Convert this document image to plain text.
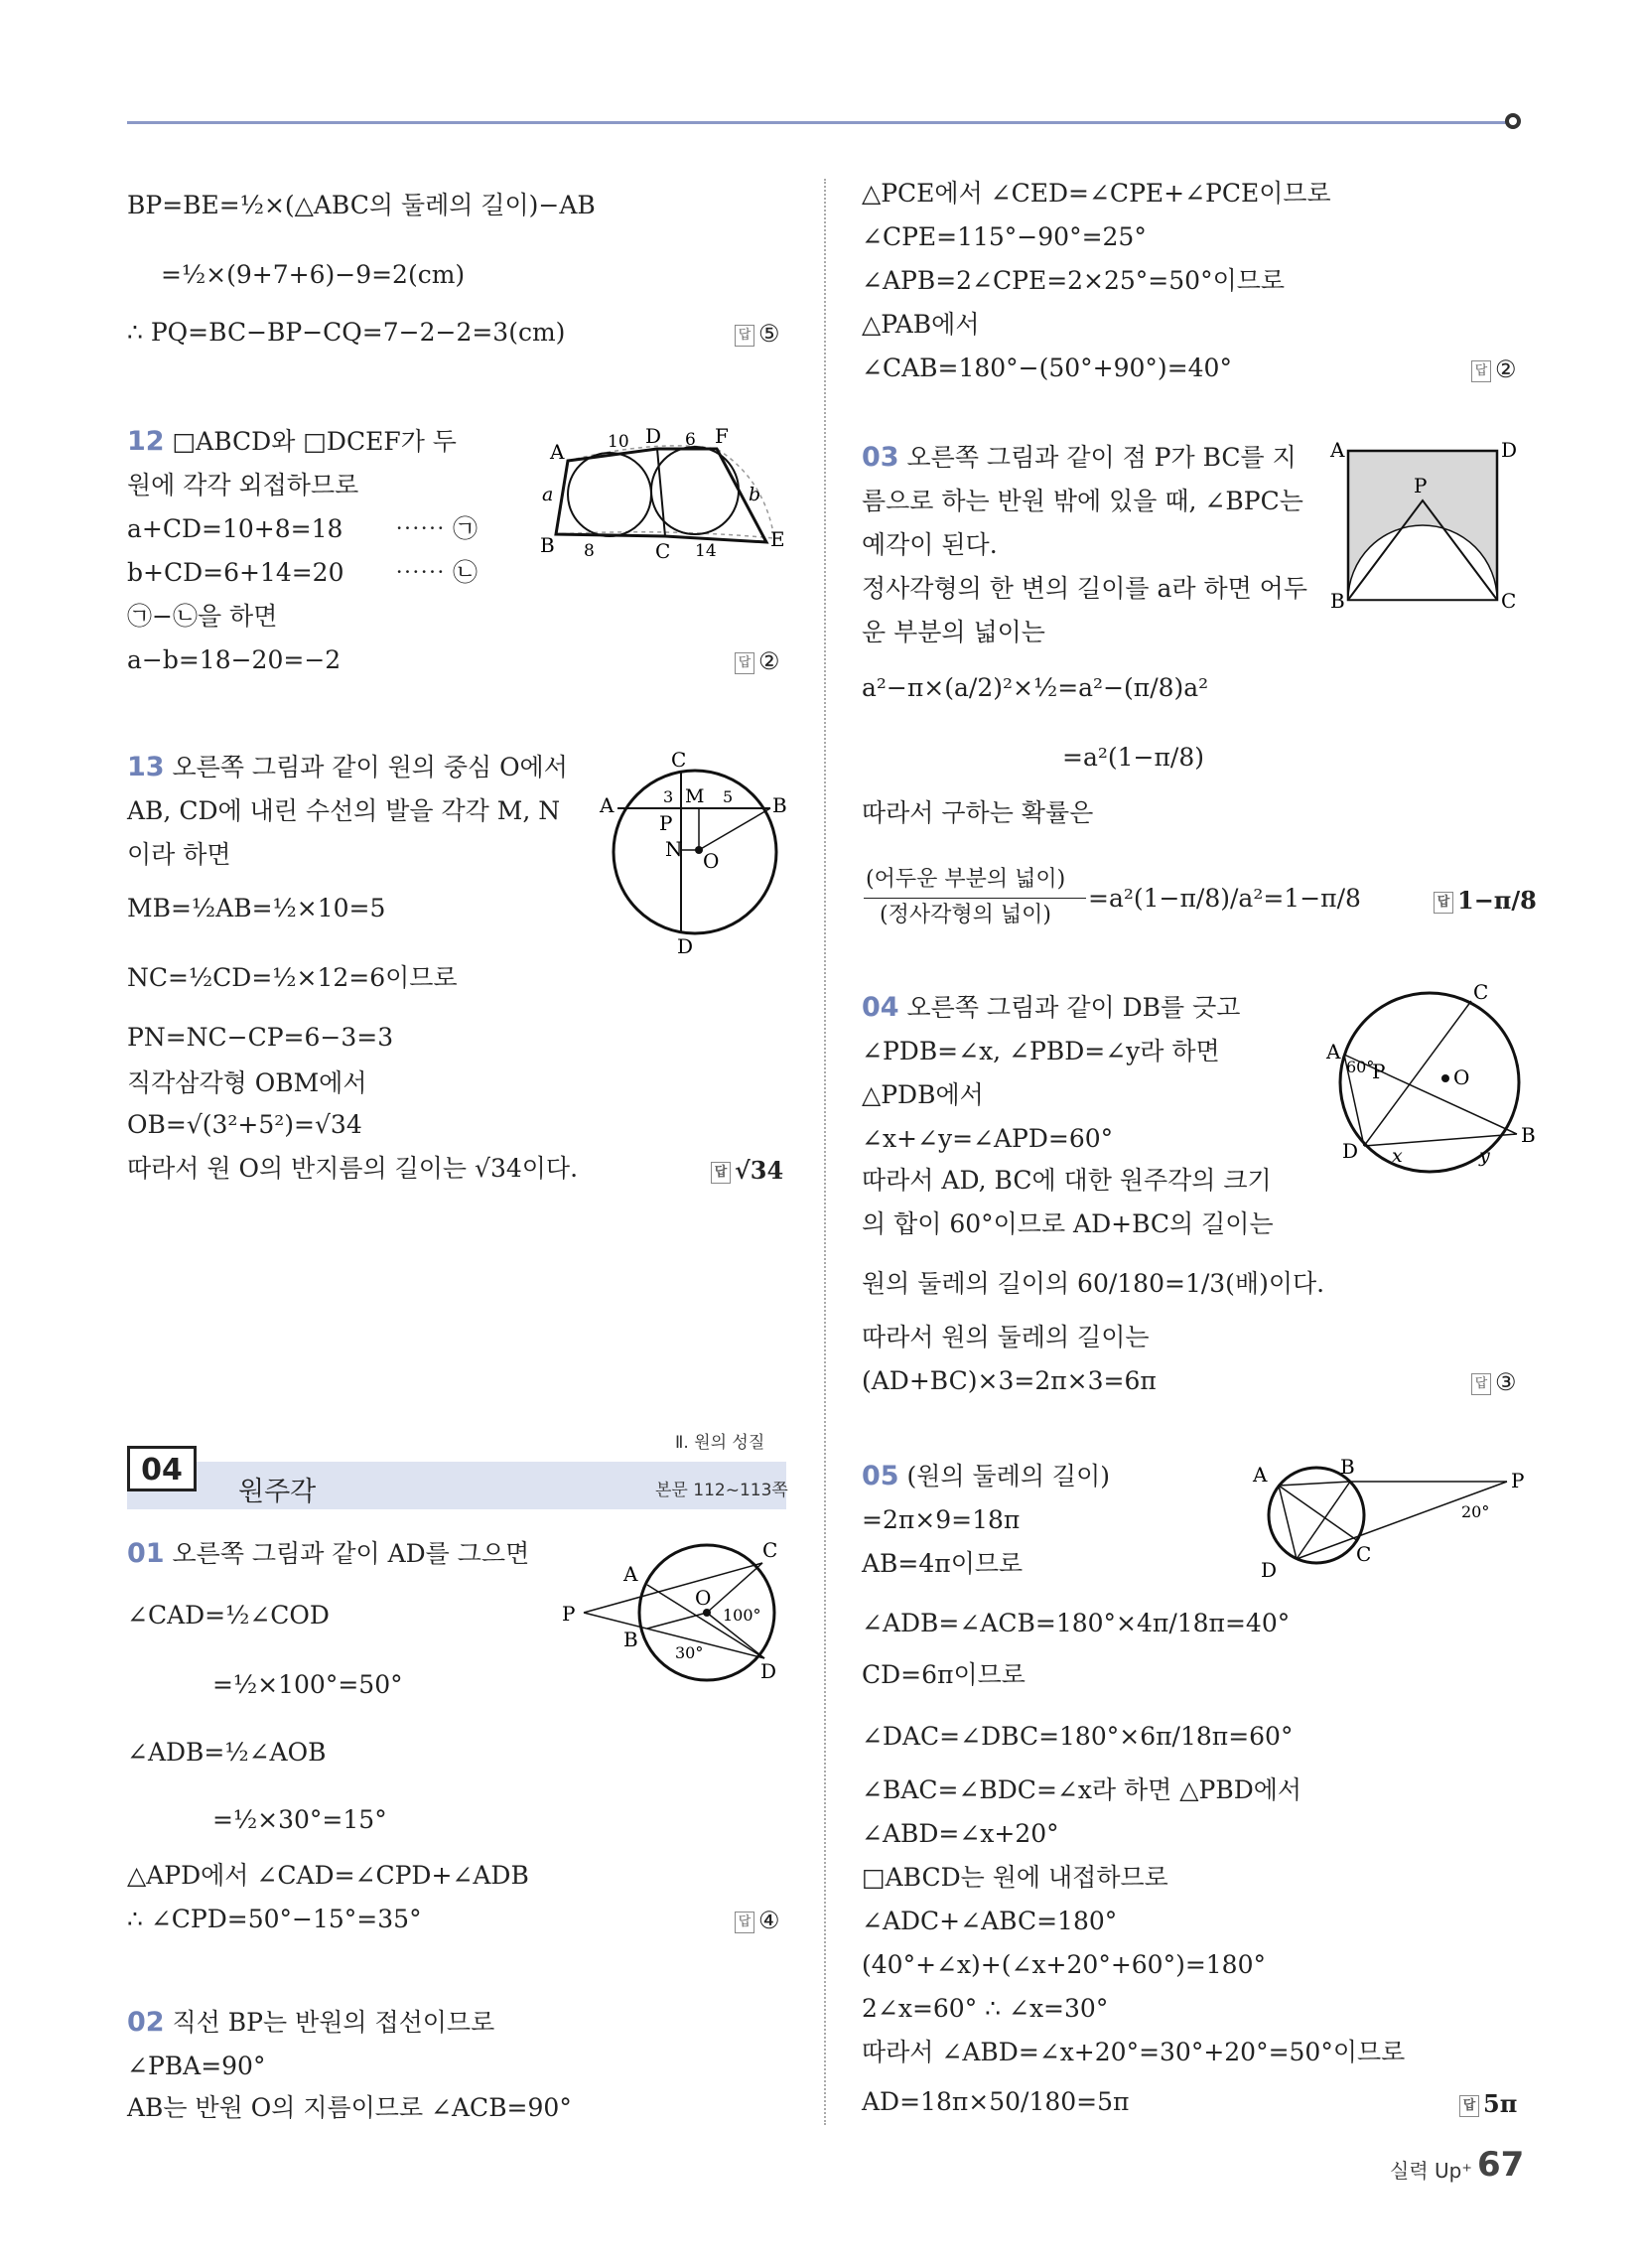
BP=BE=½×(△ABC의 둘레의 길이)−AB
=½×(9+7+6)−9=2(cm)
∴ PQ=BC−BP−CQ=7−2−2=3(cm)	답 ⑤
12 □ABCD와 □DCEF가 두
원에 각각 외접하므로
a+CD=10+8=18 ⋯⋯ ㉠
b+CD=6+14=20 ⋯⋯ ㉡
㉠−㉡을 하면
a−b=18−20=−2	답 ②
A
D	F
E
B	C
10	6
8	14
a	b
13 오른쪽 그림과 같이 원의 중심 O에서
AB, CD에 내린 수선의 발을 각각 M, N
이라 하면
MB=½AB=½×10=5
NC=½CD=½×12=6이므로
PN=NC−CP=6−3=3
직각삼각형 OBM에서
OB=√(3²+5²)=√34
따라서 원 O의 반지름의 길이는 √34이다.	답 √34
C
A	B
P
N O
D
M
3	5
Ⅱ. 원의 성질
04
원주각	본문 112~113쪽
01 오른쪽 그림과 같이 AD를 그으면
∠CAD=½∠COD
=½×100°=50°
∠ADB=½∠AOB
=½×30°=15°
△APD에서 ∠CAD=∠CPD+∠ADB
∴ ∠CPD=50°−15°=35°	답 ④
P
A
B
O
C
D
100°
30°
02 직선 BP는 반원의 접선이므로
∠PBA=90°
AB는 반원 O의 지름이므로 ∠ACB=90°
△PCE에서 ∠CED=∠CPE+∠PCE이므로
∠CPE=115°−90°=25°
∠APB=2∠CPE=2×25°=50°이므로
△PAB에서
∠CAB=180°−(50°+90°)=40°	답 ②
03 오른쪽 그림과 같이 점 P가 BC를 지
름으로 하는 반원 밖에 있을 때, ∠BPC는
예각이 된다.
정사각형의 한 변의 길이를 a라 하면 어두
운 부분의 넓이는
a²−π×(a/2)²×½=a²−(π/8)a²
=a²(1−π/8)
따라서 구하는 확률은
(어두운 부분의 넓이)
(정사각형의 넓이)
=a²(1−π/8)/a²=1−π/8	답 1−π/8
A	D
B	C
P
04 오른쪽 그림과 같이 DB를 긋고
∠PDB=∠x, ∠PBD=∠y라 하면
△PDB에서
∠x+∠y=∠APD=60°
따라서 AD, BC에 대한 원주각의 크기
의 합이 60°이므로 AD+BC의 길이는
원의 둘레의 길이의 60/180=1/3(배)이다.
따라서 원의 둘레의 길이는
(AD+BC)×3=2π×3=6π	답 ③
A
C
B
D
P	O
60°
x	y
05 (원의 둘레의 길이)
=2π×9=18π
AB=4π이므로
∠ADB=∠ACB=180°×4π/18π=40°
CD=6π이므로
∠DAC=∠DBC=180°×6π/18π=60°
∠BAC=∠BDC=∠x라 하면 △PBD에서
∠ABD=∠x+20°
□ABCD는 원에 내접하므로
∠ADC+∠ABC=180°
(40°+∠x)+(∠x+20°+60°)=180°
2∠x=60° ∴ ∠x=30°
따라서 ∠ABD=∠x+20°=30°+20°=50°이므로
AD=18π×50/180=5π	답 5π
A	B
P
C
D
20°
실력 Up⁺ 67
